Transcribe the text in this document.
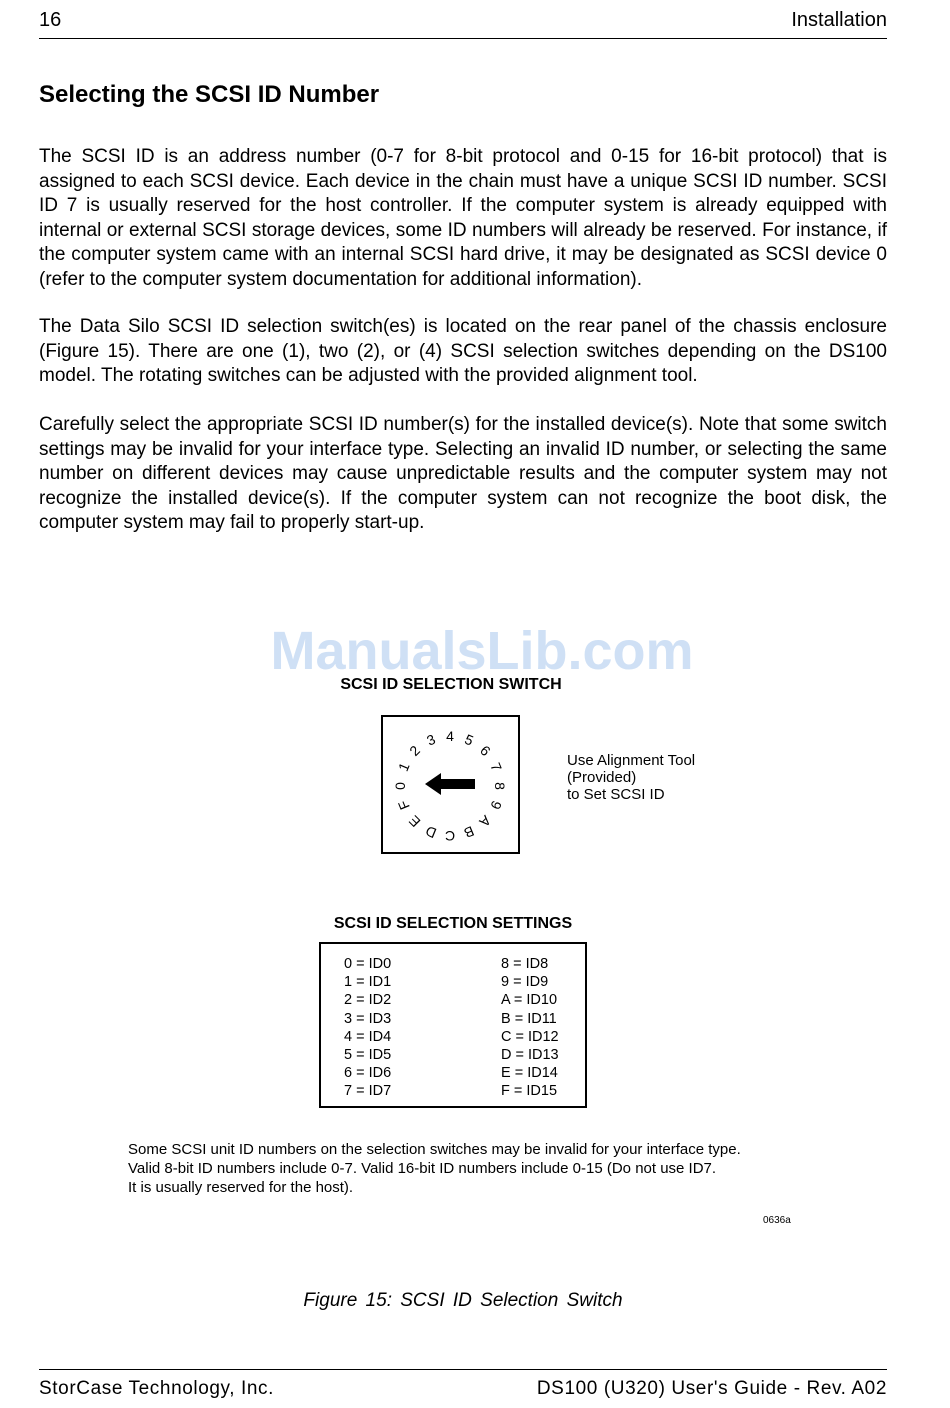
16	Installation
Selecting the SCSI ID Number

The SCSI ID is an address number (0-7 for 8-bit protocol and 0-15 for 16-bit protocol) that is assigned to each SCSI device. Each device in the chain must have a unique SCSI ID number. SCSI ID 7 is usually reserved for the host controller. If the computer system is already equipped with internal or external SCSI storage devices, some ID numbers will already be reserved. For instance, if the computer system came with an internal SCSI hard drive, it may be designated as SCSI device 0 (refer to the computer system documentation for additional information).

The Data Silo SCSI ID selection switch(es) is located on the rear panel of the chassis enclosure (Figure 15). There are one (1), two (2), or (4) SCSI selection switches depending on the DS100 model. The rotating switches can be adjusted with the provided alignment tool.

Carefully select the appropriate SCSI ID number(s) for the installed device(s). Note that some switch settings may be invalid for your interface type. Selecting an invalid ID number, or selecting the same number on different devices may cause unpredictable results and the computer system may not recognize the installed device(s). If the computer system can not recognize the boot disk, the computer system may fail to properly start-up.

ManualsLib.com
SCSI ID SELECTION SWITCH
0
1
2
3 4 5
6
7
8
9
A
B
C
D
E
F
Use Alignment Tool
(Provided)
to Set SCSI ID
SCSI ID SELECTION SETTINGS
0 = ID0
1 = ID1
2 = ID2
3 = ID3
4 = ID4
5 = ID5
6 = ID6
7 = ID7
8 = ID8
9 = ID9
A = ID10
B = ID11
C = ID12
D = ID13
E = ID14
F = ID15
Some SCSI unit ID numbers on the selection switches may be invalid for your interface type.
Valid 8-bit ID numbers include 0-7. Valid 16-bit ID numbers include 0-15 (Do not use ID7.
It is usually reserved for the host).
0636a
Figure 15: SCSI ID Selection Switch
StorCase Technology, Inc.	DS100 (U320) User's Guide - Rev. A02
